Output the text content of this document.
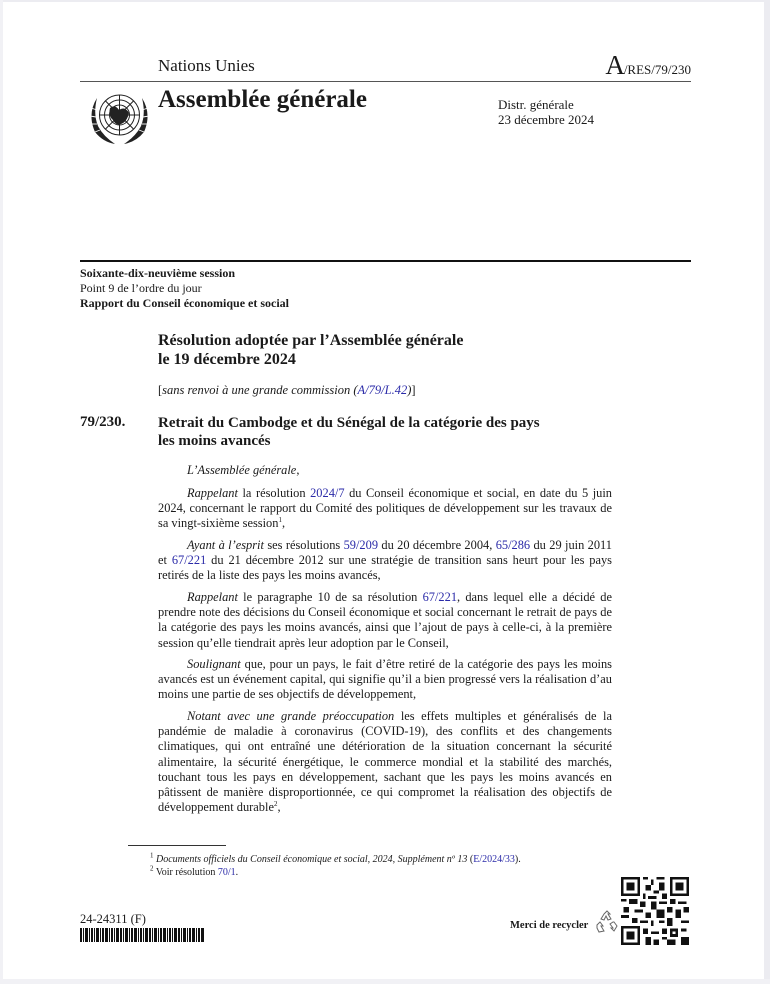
Nations Unies	A/RES/79/230
Assemblée générale	Distr. générale
23 décembre 2024
Soixante-dix-neuvième session
Point 9 de l’ordre du jour
Rapport du Conseil économique et social
Résolution adoptée par l’Assemblée générale
le 19 décembre 2024
[sans renvoi à une grande commission (A/79/L.42)]
79/230. Retrait du Cambodge et du Sénégal de la catégorie des pays
les moins avancés
L’Assemblée générale,
Rappelant la résolution 2024/7 du Conseil économique et social, en date du 5 juin 2024, concernant le rapport du Comité des politiques de développement sur les travaux de sa vingt-sixième session$^1$,
Ayant à l’esprit ses résolutions 59/209 du 20 décembre 2004, 65/286 du 29 juin 2011 et 67/221 du 21 décembre 2012 sur une stratégie de transition sans heurt pour les pays retirés de la liste des pays les moins avancés,
Rappelant le paragraphe 10 de sa résolution 67/221, dans lequel elle a décidé de prendre note des décisions du Conseil économique et social concernant le retrait de pays de la catégorie des pays les moins avancés, ainsi que l’ajout de pays à celle-ci, à la première session qu’elle tiendrait après leur adoption par le Conseil,
Soulignant que, pour un pays, le fait d’être retiré de la catégorie des pays les moins avancés est un événement capital, qui signifie qu’il a bien progressé vers la réalisation d’au moins une partie de ses objectifs de développement,
Notant avec une grande préoccupation les effets multiples et généralisés de la pandémie de maladie à coronavirus (COVID-19), des conflits et des changements climatiques, qui ont entraîné une détérioration de la situation concernant la sécurité alimentaire, la sécurité énergétique, le commerce mondial et la stabilité des marchés, touchant tous les pays en développement, sachant que les pays les moins avancés en pâtissent de manière disproportionnée, ce qui compromet la réalisation des objectifs de développement durable$^2$,
$^1$ Documents officiels du Conseil économique et social, 2024, Supplément nº 13 (E/2024/33).
$^2$ Voir résolution 70/1.
24-24311 (F)	Merci de recycler
